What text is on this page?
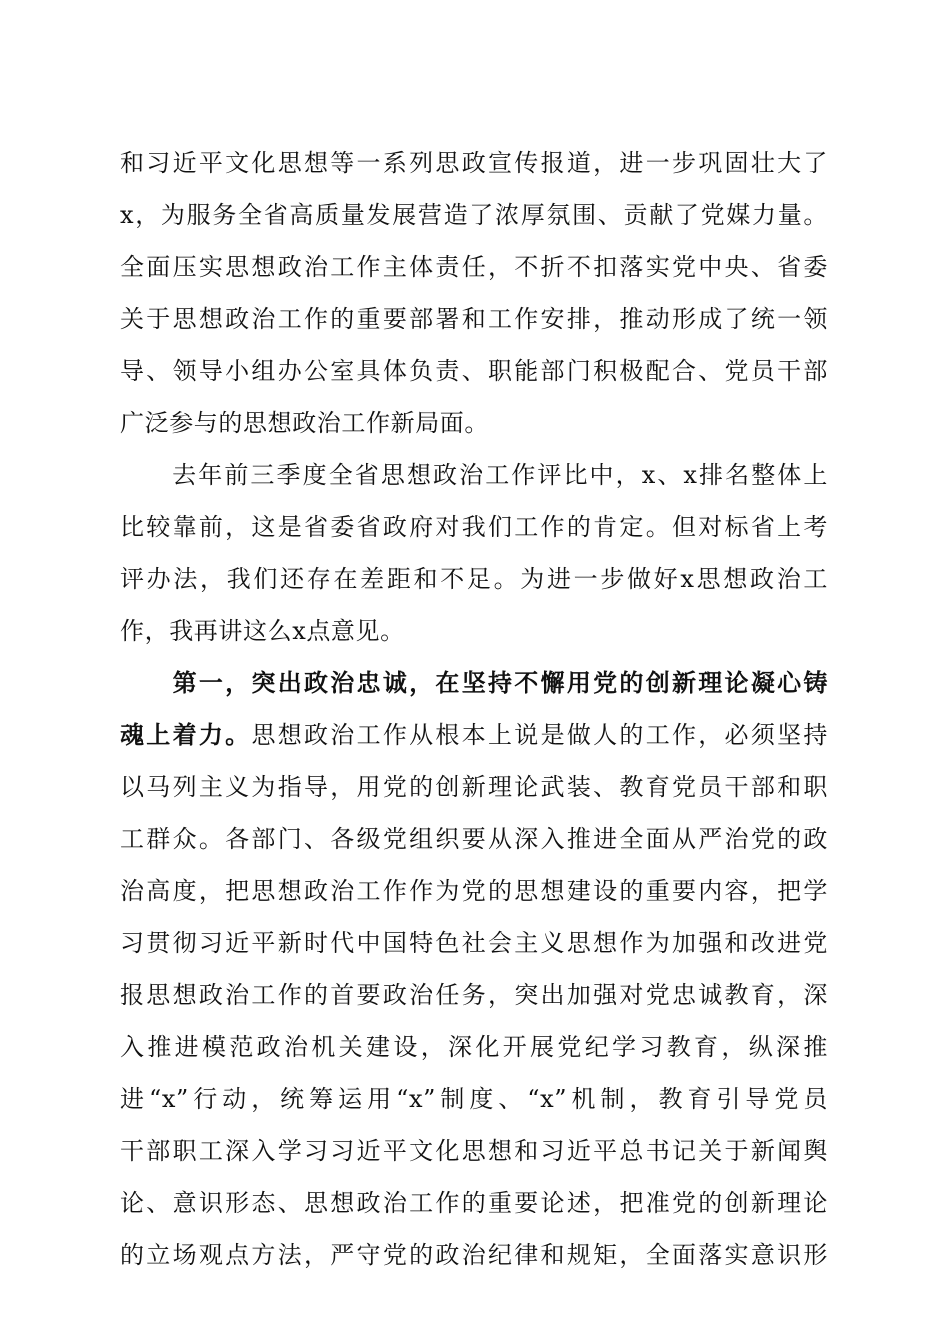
和习近平文化思想等一系列思政宣传报道，进一步巩固壮大了
x，为服务全省高质量发展营造了浓厚氛围、贡献了党媒力量。
全面压实思想政治工作主体责任，不折不扣落实党中央、省委
关于思想政治工作的重要部署和工作安排，推动形成了统一领
导、领导小组办公室具体负责、职能部门积极配合、党员干部
广泛参与的思想政治工作新局面。
　　去年前三季度全省思想政治工作评比中，x、x排名整体上
比较靠前，这是省委省政府对我们工作的肯定。但对标省上考
评办法，我们还存在差距和不足。为进一步做好x思想政治工
作，我再讲这么x点意见。
　　第一，突出政治忠诚，在坚持不懈用党的创新理论凝心铸
魂上着力。思想政治工作从根本上说是做人的工作，必须坚持
以马列主义为指导，用党的创新理论武装、教育党员干部和职
工群众。各部门、各级党组织要从深入推进全面从严治党的政
治高度，把思想政治工作作为党的思想建设的重要内容，把学
习贯彻习近平新时代中国特色社会主义思想作为加强和改进党
报思想政治工作的首要政治任务，突出加强对党忠诚教育，深
入推进模范政治机关建设，深化开展党纪学习教育，纵深推
进“x”行动，统筹运用“x”制度、“x”机制，教育引导党员
干部职工深入学习习近平文化思想和习近平总书记关于新闻舆
论、意识形态、思想政治工作的重要论述，把准党的创新理论
的立场观点方法，严守党的政治纪律和规矩，全面落实意识形
